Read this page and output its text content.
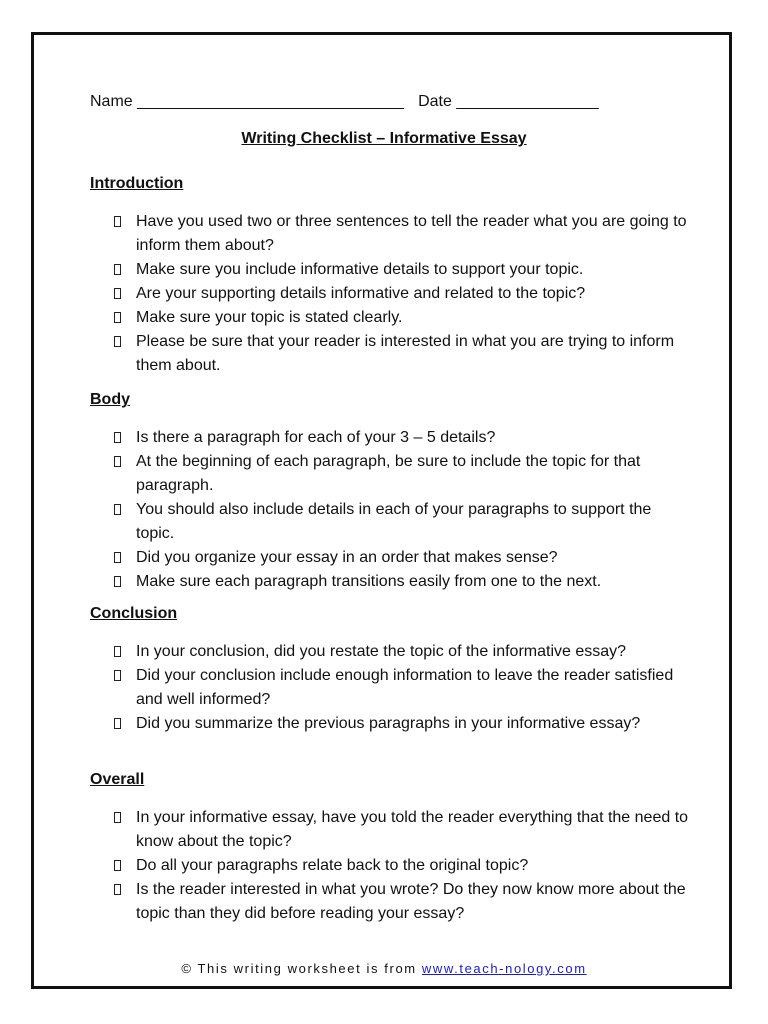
Name ______________________________ Date ________________
Writing Checklist – Informative Essay
Introduction
Have you used two or three sentences to tell the reader what you are going to inform them about?
Make sure you include informative details to support your topic.
Are your supporting details informative and related to the topic?
Make sure your topic is stated clearly.
Please be sure that your reader is interested in what you are trying to inform them about.
Body
Is there a paragraph for each of your 3 – 5 details?
At the beginning of each paragraph, be sure to include the topic for that paragraph.
You should also include details in each of your paragraphs to support the topic.
Did you organize your essay in an order that makes sense?
Make sure each paragraph transitions easily from one to the next.
Conclusion
In your conclusion, did you restate the topic of the informative essay?
Did your conclusion include enough information to leave the reader satisfied and well informed?
Did you summarize the previous paragraphs in your informative essay?
Overall
In your informative essay, have you told the reader everything that the need to know about the topic?
Do all your paragraphs relate back to the original topic?
Is the reader interested in what you wrote? Do they now know more about the topic than they did before reading your essay?
© This writing worksheet is from www.teach-nology.com
